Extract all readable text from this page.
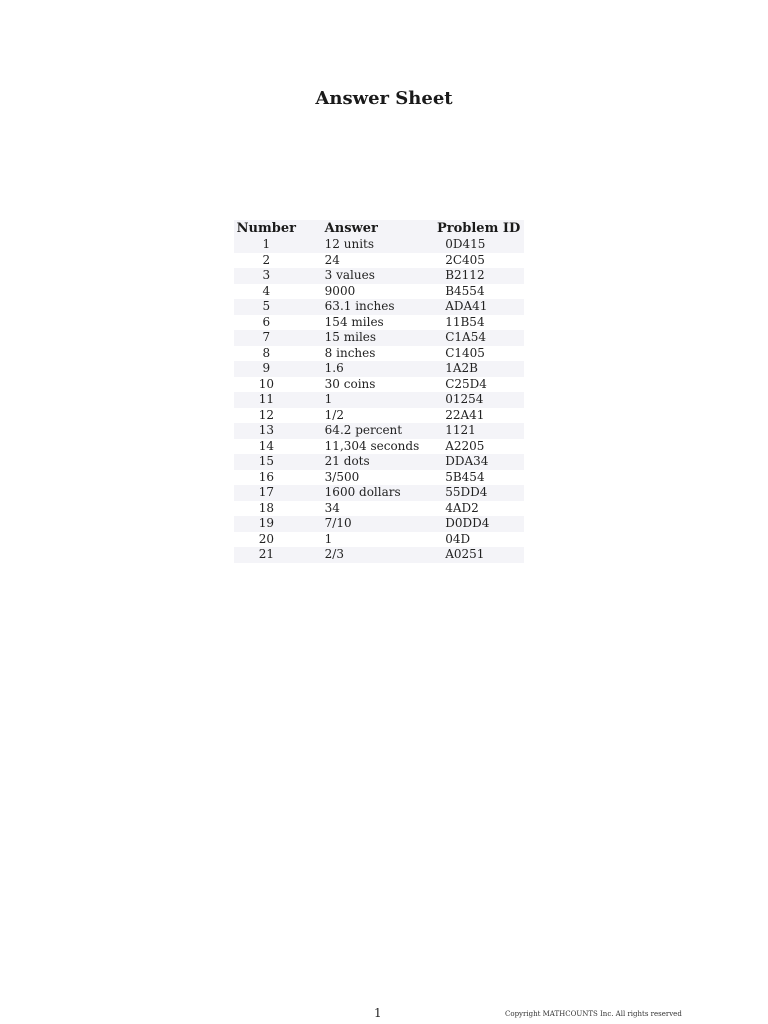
Answer Sheet
Number	Answer	Problem ID
1	12 units	0D415
2	24	2C405
3	3 values	B2112
4	9000	B4554
5	63.1 inches	ADA41
6	154 miles	11B54
7	15 miles	C1A54
8	8 inches	C1405
9	1.6	1A2B
10	30 coins	C25D4
11	1	01254
12	1/2	22A41
13	64.2 percent	1121
14	11,304 seconds	A2205
15	21 dots	DDA34
16	3/500	5B454
17	1600 dollars	55DD4
18	34	4AD2
19	7/10	D0DD4
20	1	04D
21	2/3	A0251
1	Copyright MATHCOUNTS Inc. All rights reserved
